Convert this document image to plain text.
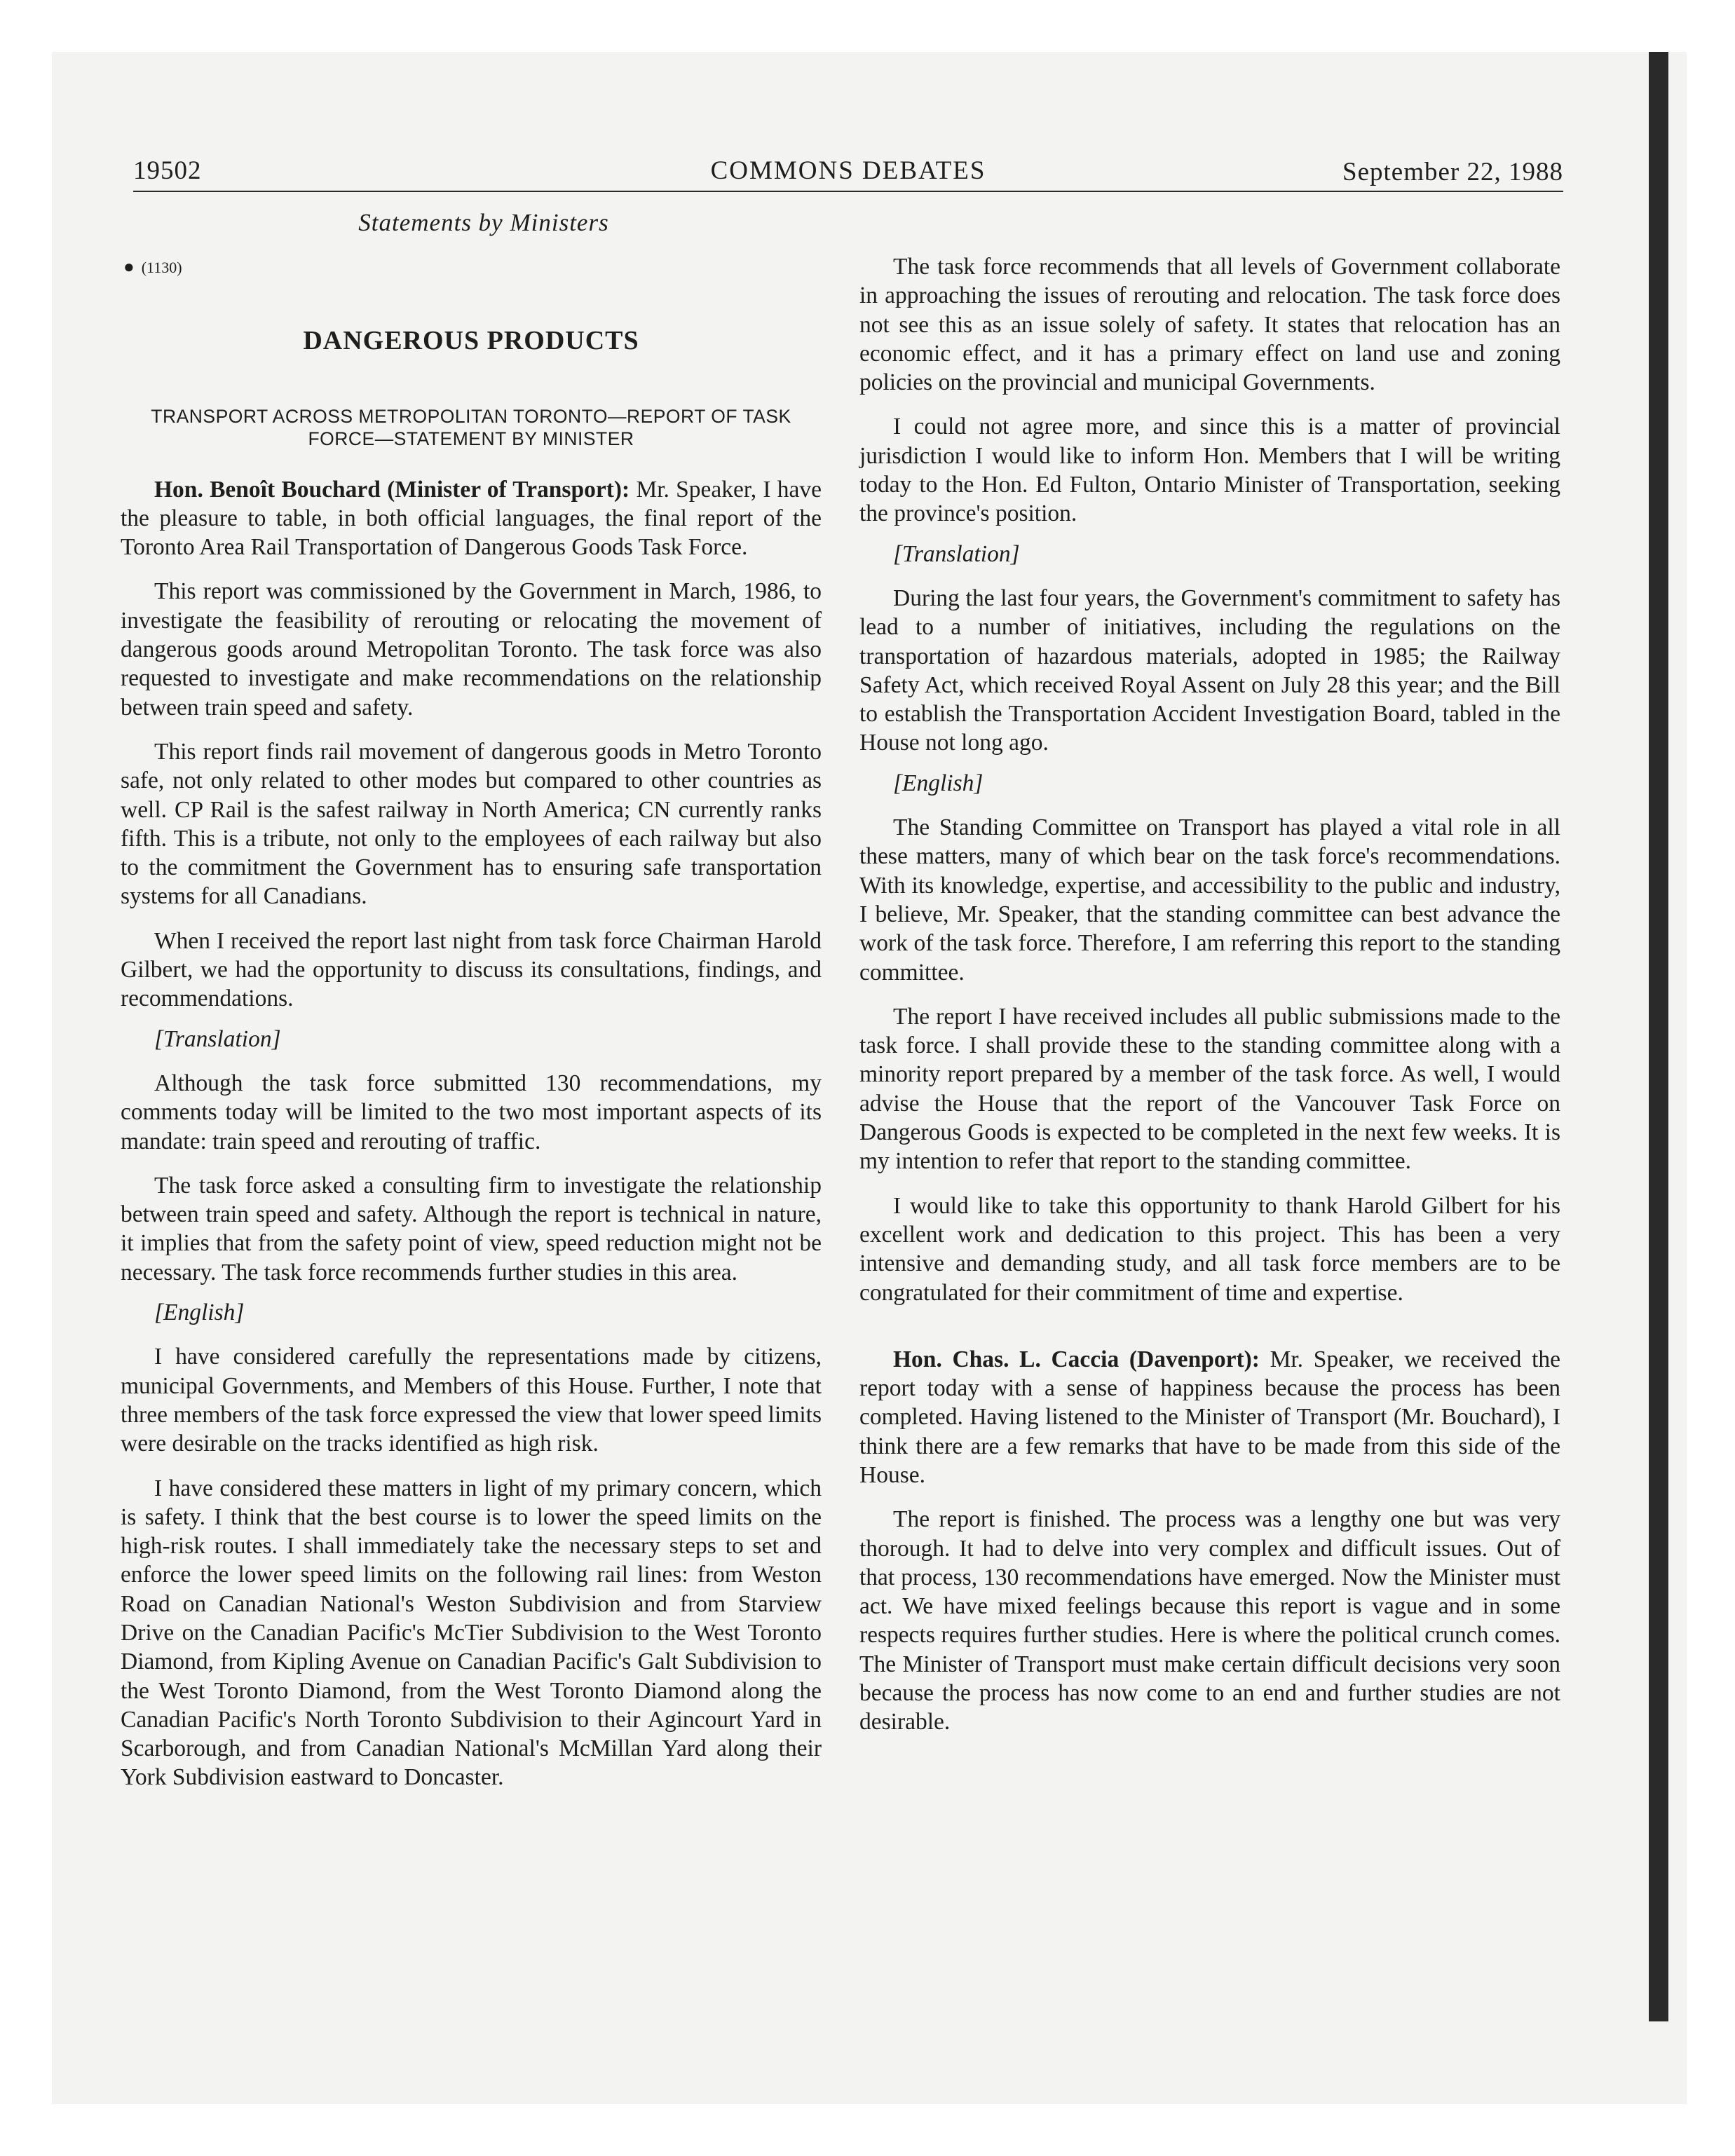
19502	COMMONS DEBATES	September 22, 1988
Statements by Ministers
● (1130)
DANGEROUS PRODUCTS
TRANSPORT ACROSS METROPOLITAN TORONTO—REPORT OF TASK FORCE—STATEMENT BY MINISTER

Hon. Benoît Bouchard (Minister of Transport): Mr. Speaker, I have the pleasure to table, in both official languages, the final report of the Toronto Area Rail Transportation of Dangerous Goods Task Force.

This report was commissioned by the Government in March, 1986, to investigate the feasibility of rerouting or relocating the movement of dangerous goods around Metropolitan Toronto. The task force was also requested to investigate and make recommendations on the relationship between train speed and safety.

This report finds rail movement of dangerous goods in Metro Toronto safe, not only related to other modes but compared to other countries as well. CP Rail is the safest railway in North America; CN currently ranks fifth. This is a tribute, not only to the employees of each railway but also to the commitment the Government has to ensuring safe transportation systems for all Canadians.

When I received the report last night from task force Chairman Harold Gilbert, we had the opportunity to discuss its consultations, findings, and recommendations.

[Translation]

Although the task force submitted 130 recommendations, my comments today will be limited to the two most important aspects of its mandate: train speed and rerouting of traffic.

The task force asked a consulting firm to investigate the relationship between train speed and safety. Although the report is technical in nature, it implies that from the safety point of view, speed reduction might not be necessary. The task force recommends further studies in this area.

[English]

I have considered carefully the representations made by citizens, municipal Governments, and Members of this House. Further, I note that three members of the task force expressed the view that lower speed limits were desirable on the tracks identified as high risk.

I have considered these matters in light of my primary concern, which is safety. I think that the best course is to lower the speed limits on the high-risk routes. I shall immediately take the necessary steps to set and enforce the lower speed limits on the following rail lines: from Weston Road on Canadian National's Weston Subdivision and from Starview Drive on the Canadian Pacific's McTier Subdivision to the West Toronto Diamond, from Kipling Avenue on Canadian Pacific's Galt Subdivision to the West Toronto Diamond, from the West Toronto Diamond along the Canadian Pacific's North Toronto Subdivision to their Agincourt Yard in Scarborough, and from Canadian National's McMillan Yard along their York Subdivision eastward to Doncaster.

The task force recommends that all levels of Government collaborate in approaching the issues of rerouting and relocation. The task force does not see this as an issue solely of safety. It states that relocation has an economic effect, and it has a primary effect on land use and zoning policies on the provincial and municipal Governments.

I could not agree more, and since this is a matter of provincial jurisdiction I would like to inform Hon. Members that I will be writing today to the Hon. Ed Fulton, Ontario Minister of Transportation, seeking the province's position.

[Translation]

During the last four years, the Government's commitment to safety has lead to a number of initiatives, including the regulations on the transportation of hazardous materials, adopted in 1985; the Railway Safety Act, which received Royal Assent on July 28 this year; and the Bill to establish the Transportation Accident Investigation Board, tabled in the House not long ago.

[English]

The Standing Committee on Transport has played a vital role in all these matters, many of which bear on the task force's recommendations. With its knowledge, expertise, and accessibility to the public and industry, I believe, Mr. Speaker, that the standing committee can best advance the work of the task force. Therefore, I am referring this report to the standing committee.

The report I have received includes all public submissions made to the task force. I shall provide these to the standing committee along with a minority report prepared by a member of the task force. As well, I would advise the House that the report of the Vancouver Task Force on Dangerous Goods is expected to be completed in the next few weeks. It is my intention to refer that report to the standing committee.

I would like to take this opportunity to thank Harold Gilbert for his excellent work and dedication to this project. This has been a very intensive and demanding study, and all task force members are to be congratulated for their commitment of time and expertise.

Hon. Chas. L. Caccia (Davenport): Mr. Speaker, we received the report today with a sense of happiness because the process has been completed. Having listened to the Minister of Transport (Mr. Bouchard), I think there are a few remarks that have to be made from this side of the House.

The report is finished. The process was a lengthy one but was very thorough. It had to delve into very complex and difficult issues. Out of that process, 130 recommendations have emerged. Now the Minister must act. We have mixed feelings because this report is vague and in some respects requires further studies. Here is where the political crunch comes. The Minister of Transport must make certain difficult decisions very soon because the process has now come to an end and further studies are not desirable.
